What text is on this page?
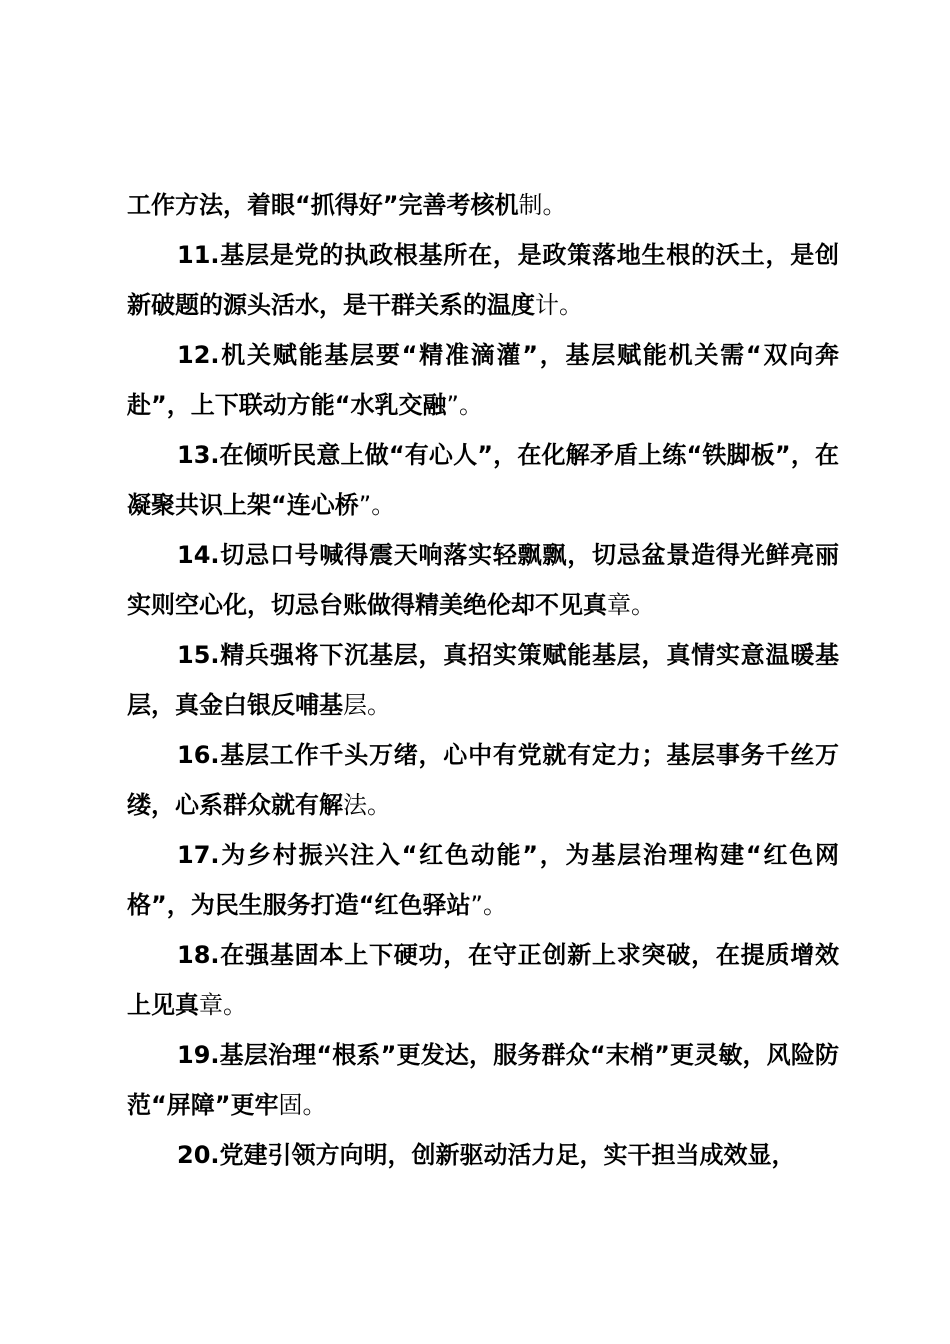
工作方法，着眼“抓得好”完善考核机制。

11.基层是党的执政根基所在，是政策落地生根的沃土，是创新破题的源头活水，是干群关系的温度计。

12.机关赋能基层要“精准滴灌”，基层赋能机关需“双向奔赴”，上下联动方能“水乳交融”。

13.在倾听民意上做“有心人”，在化解矛盾上练“铁脚板”，在凝聚共识上架“连心桥”。

14.切忌口号喊得震天响落实轻飘飘，切忌盆景造得光鲜亮丽实则空心化，切忌台账做得精美绝伦却不见真章。

15.精兵强将下沉基层，真招实策赋能基层，真情实意温暖基层，真金白银反哺基层。

16.基层工作千头万绪，心中有党就有定力；基层事务千丝万缕，心系群众就有解法。

17.为乡村振兴注入“红色动能”，为基层治理构建“红色网格”，为民生服务打造“红色驿站”。

18.在强基固本上下硬功，在守正创新上求突破，在提质增效上见真章。

19.基层治理“根系”更发达，服务群众“末梢”更灵敏，风险防范“屏障”更牢固。

20.党建引领方向明，创新驱动活力足，实干担当成效显，
